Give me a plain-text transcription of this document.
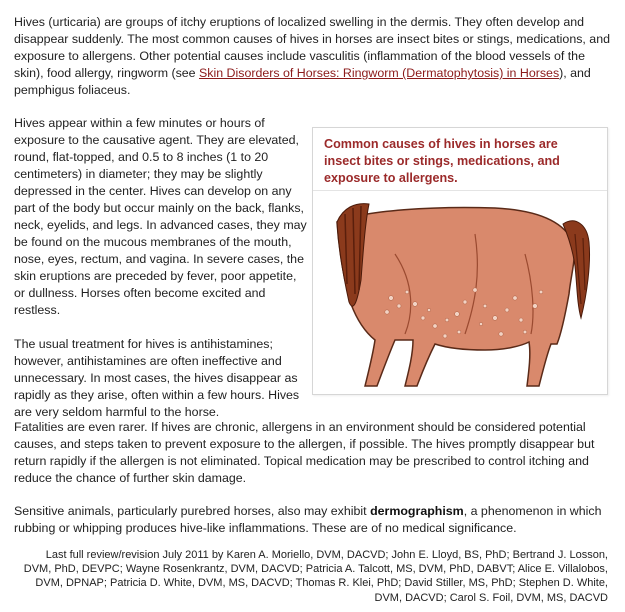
Hives (urticaria) are groups of itchy eruptions of localized swelling in the dermis. They often develop and disappear suddenly. The most common causes of hives in horses are insect bites or stings, medications, and exposure to allergens. Other potential causes include vasculitis (inflammation of the blood vessels of the skin), food allergy, ringworm (see Skin Disorders of Horses: Ringworm (Dermatophytosis) in Horses), and pemphigus foliaceus.

Hives appear within a few minutes or hours of exposure to the causative agent. They are elevated, round, flat-topped, and 0.5 to 8 inches (1 to 20 centimeters) in diameter; they may be slightly depressed in the center. Hives can develop on any part of the body but occur mainly on the back, flanks, neck, eyelids, and legs. In advanced cases, they may be found on the mucous membranes of the mouth, nose, eyes, rectum, and vagina. In severe cases, the skin eruptions are preceded by fever, poor appetite, or dullness. Horses often become excited and restless.

Common causes of hives in horses are insect bites or stings, medications, and exposure to allergens.

The usual treatment for hives is antihistamines; however, antihistamines are often ineffective and unnecessary. In most cases, the hives disappear as rapidly as they arise, often within a few hours. Hives are very seldom harmful to the horse.

Fatalities are even rarer. If hives are chronic, allergens in an environment should be considered potential causes, and steps taken to prevent exposure to the allergen, if possible. The hives promptly disappear but return rapidly if the allergen is not eliminated. Topical medication may be prescribed to control itching and reduce the chance of further skin damage.

Sensitive animals, particularly purebred horses, also may exhibit dermographism, a phenomenon in which rubbing or whipping produces hive-like inflammations. These are of no medical significance.

Last full review/revision July 2011 by Karen A. Moriello, DVM, DACVD; John E. Lloyd, BS, PhD; Bertrand J. Losson, DVM, PhD, DEVPC; Wayne Rosenkrantz, DVM, DACVD; Patricia A. Talcott, MS, DVM, PhD, DABVT; Alice E. Villalobos, DVM, DPNAP; Patricia D. White, DVM, MS, DACVD; Thomas R. Klei, PhD; David Stiller, MS, PhD; Stephen D. White, DVM, DACVD; Carol S. Foil, DVM, MS, DACVD
